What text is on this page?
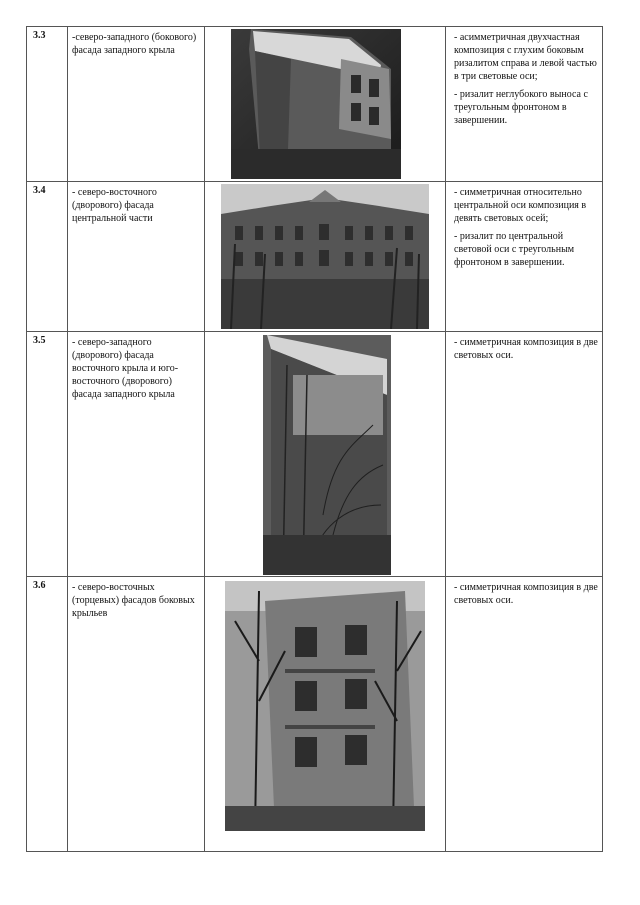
3.3	-северо-западного (бокового) фасада западного крыла		- асимметричная двухчастная композиция с глухим боковым ризалитом справа и левой частью в три световые оси;

- ризалит неглубокого выноса с треугольным фронтоном в завершении.

3.4	- северо-восточного (дворового) фасада центральной части		- симметричная относительно центральной оси композиция в девять световых осей;

- ризалит по центральной световой оси с треугольным фронтоном в завершении.

3.5	- северо-западного (дворового) фасада восточного крыла и юго-восточного (дворового) фасада западного крыла		- симметричная композиция в две световых оси.

3.6	- северо-восточных (торцевых) фасадов боковых крыльев		- симметричная композиция в две световых оси.
